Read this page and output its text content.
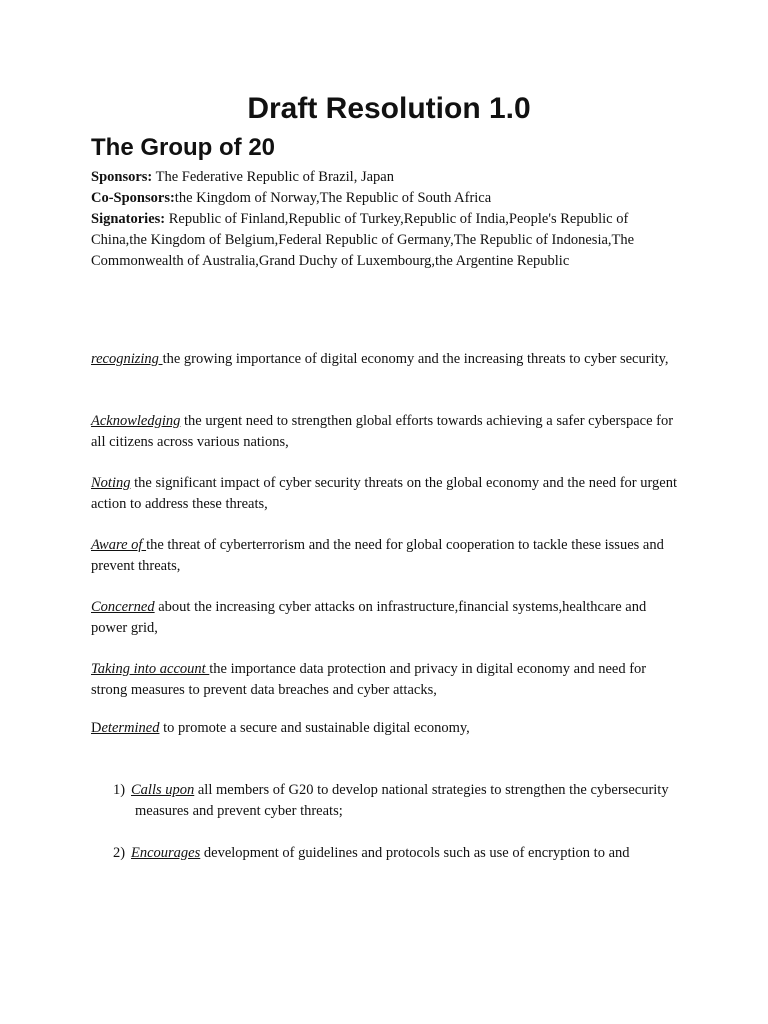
Draft Resolution 1.0
The Group of 20

Sponsors: The Federative Republic of Brazil, Japan

Co-Sponsors:the Kingdom of Norway,The Republic of South Africa

Signatories: Republic of Finland,Republic of Turkey,Republic of India,People's Republic of China,the Kingdom of Belgium,Federal Republic of Germany,The Republic of Indonesia,The Commonwealth of Australia,Grand Duchy of Luxembourg,the Argentine Republic

recognizing the growing importance of digital economy and the increasing threats to cyber security,

Acknowledging the urgent need to strengthen global efforts towards achieving a safer cyberspace for all citizens across various nations,

Noting the significant impact of cyber security threats on the global economy and the need for urgent action to address these threats,

Aware of the threat of cyberterrorism and the need for global cooperation to tackle these issues and prevent threats,

Concerned about the increasing cyber attacks on infrastructure,financial systems,healthcare and power grid,

Taking into account the importance data protection and privacy in digital economy and need for strong measures to prevent data breaches and cyber attacks,

Determined to promote a secure and sustainable digital economy,

1) Calls upon all members of G20 to develop national strategies to strengthen the cybersecurity measures and prevent cyber threats;

2) Encourages development of guidelines and protocols such as use of encryption to and
